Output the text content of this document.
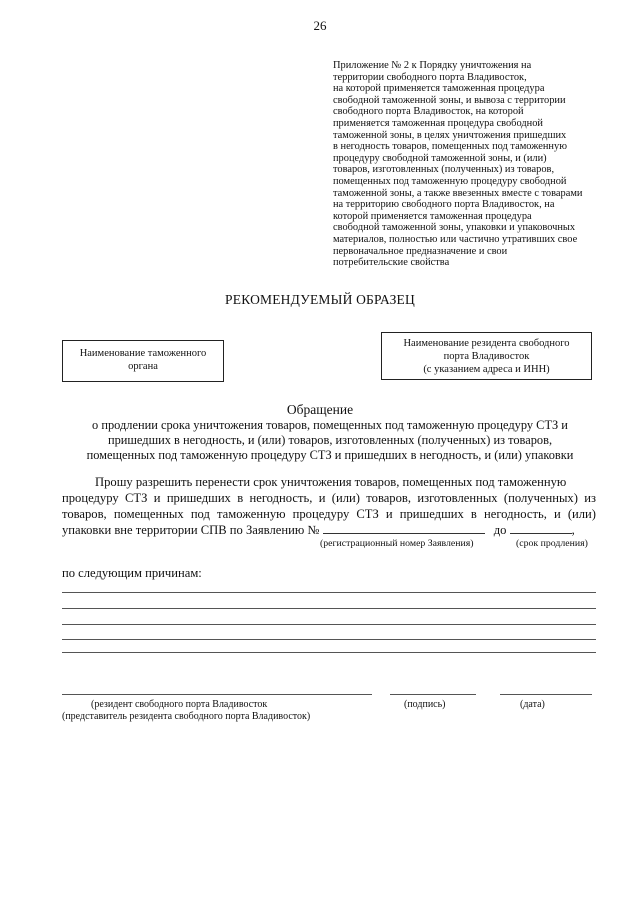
26
Приложение № 2 к Порядку уничтожения на
территории свободного порта Владивосток,
на которой применяется таможенная процедура
свободной таможенной зоны, и вывоза с территории
свободного порта Владивосток, на которой
применяется таможенная процедура свободной
таможенной зоны, в целях уничтожения пришедших
в негодность товаров, помещенных под таможенную
процедуру свободной таможенной зоны, и (или)
товаров, изготовленных (полученных) из товаров,
помещенных под таможенную процедуру свободной
таможенной зоны, а также ввезенных вместе с товарами
на территорию свободного порта Владивосток, на
которой применяется таможенная процедура
свободной таможенной зоны, упаковки и упаковочных
материалов, полностью или частично утративших свое
первоначальное предназначение и свои
потребительские свойства
РЕКОМЕНДУЕМЫЙ ОБРАЗЕЦ
Наименование таможенного
органа
Наименование резидента свободного
порта Владивосток
(с указанием адреса и ИНН)
Обращение
о продлении срока уничтожения товаров, помещенных под таможенную процедуру СТЗ и
пришедших в негодность, и (или) товаров, изготовленных (полученных) из товаров,
помещенных под таможенную процедуру СТЗ и пришедших в негодность, и (или) упаковки
Прошу разрешить перенести срок уничтожения товаров, помещенных под таможенную
процедуру СТЗ и пришедших в негодность, и (или) товаров, изготовленных (полученных) из
товаров, помещенных под таможенную процедуру СТЗ и пришедших в негодность, и (или)
упаковки вне территории СПВ по Заявлению №	до	,
(регистрационный номер Заявления)	(срок продления)
по следующим причинам:
(резидент свободного порта Владивосток
(представитель резидента свободного порта Владивосток)
(подпись)	(дата)
